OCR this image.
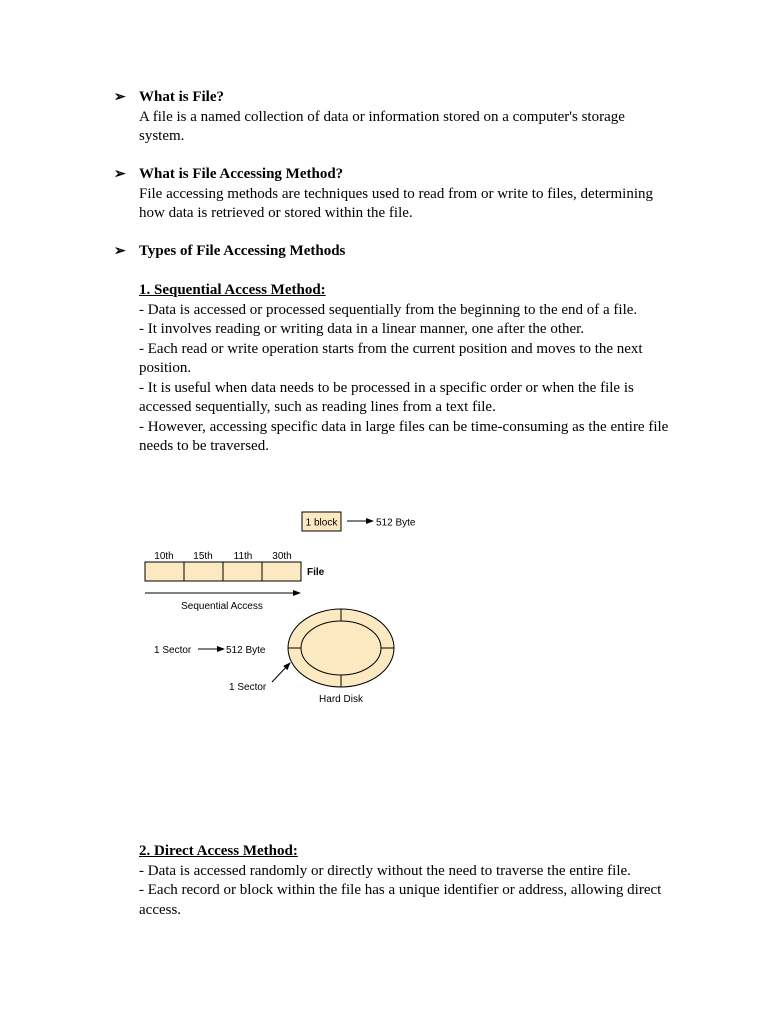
➢ What is File?
A file is a named collection of data or information stored on a computer's storage system.
➢ What is File Accessing Method?
File accessing methods are techniques used to read from or write to files, determining how data is retrieved or stored within the file.
➢ Types of File Accessing Methods
1. Sequential Access Method:
- Data is accessed or processed sequentially from the beginning to the end of a file.
- It involves reading or writing data in a linear manner, one after the other.
- Each read or write operation starts from the current position and moves to the next position.
- It is useful when data needs to be processed in a specific order or when the file is accessed sequentially, such as reading lines from a text file.
- However, accessing specific data in large files can be time-consuming as the entire file needs to be traversed.
1 block	512 Byte
10th 15th 11th 30th
File
Sequential Access
1 Sector	512 Byte
1 Sector
Hard Disk
2. Direct Access Method:
- Data is accessed randomly or directly without the need to traverse the entire file.
- Each record or block within the file has a unique identifier or address, allowing direct access.
